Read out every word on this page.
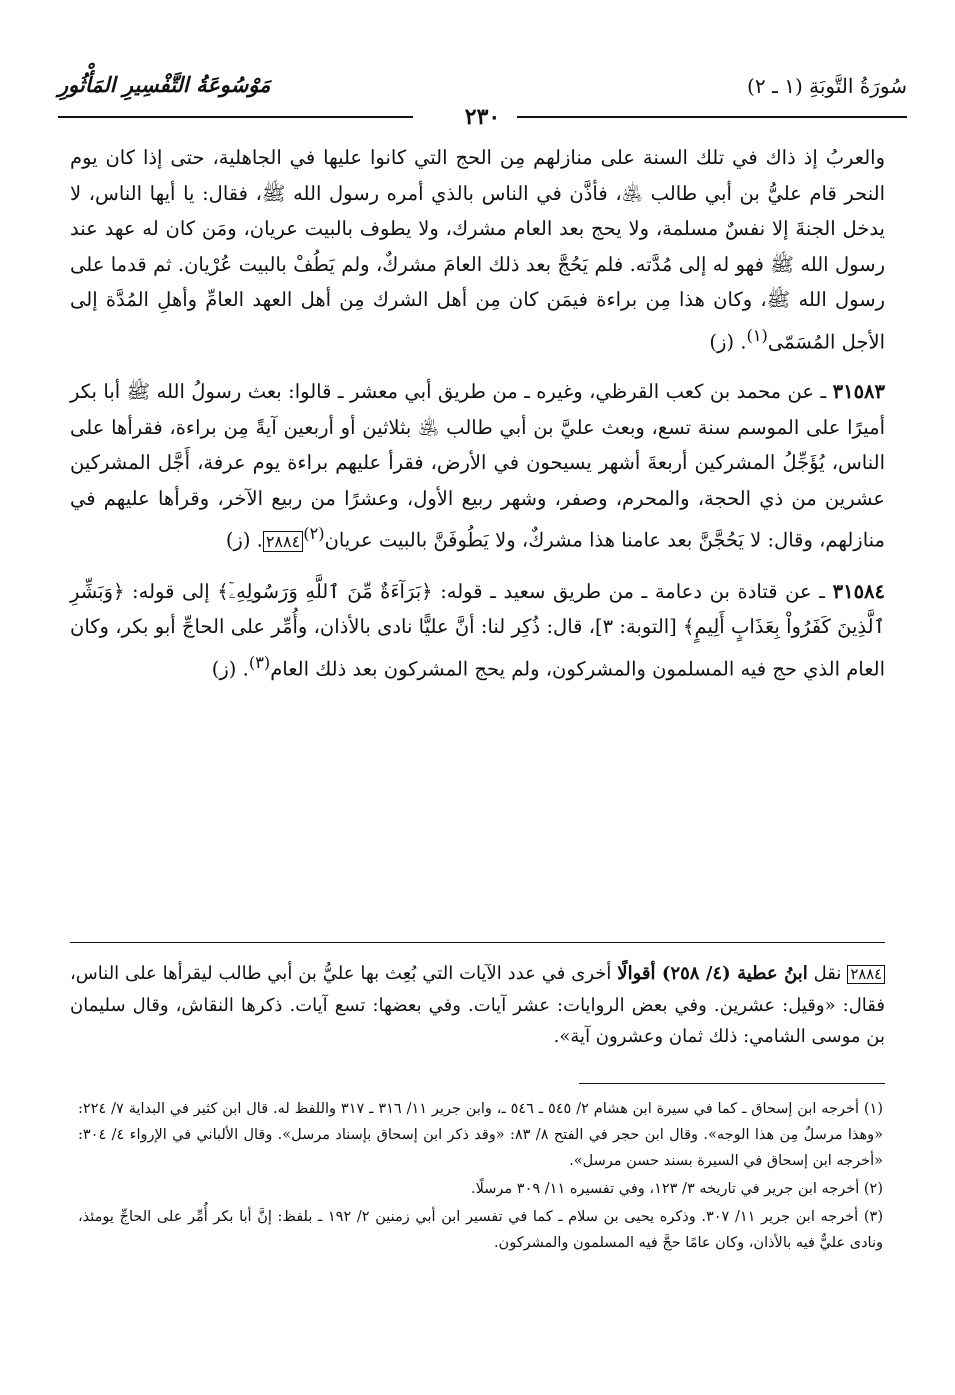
سُورَةُ التَّوبَةِ (١ ـ ٢)
مَوْسُوعَةُ التَّفْسِيرِ المَأْثُورِ
٢٣٠

والعربُ إذ ذاك في تلك السنة على منازلهم مِن الحج التي كانوا عليها في الجاهلية، حتى إذا كان يوم النحر قام عليُّ بن أبي طالب ﵁، فأذَّن في الناس بالذي أمره رسول الله ﷺ، فقال: يا أيها الناس، لا يدخل الجنةَ إلا نفسٌ مسلمة، ولا يحج بعد العام مشرك، ولا يطوف بالبيت عريان، ومَن كان له عهد عند رسول الله ﷺ فهو له إلى مُدَّته. فلم يَحُجَّ بعد ذلك العامَ مشركٌ، ولم يَطُفْ بالبيت عُرْيان. ثم قدما على رسول الله ﷺ، وكان هذا مِن براءة فيمَن كان مِن أهل الشرك مِن أهل العهد العامِّ وأهلِ المُدَّة إلى الأجل المُسَمّى$^{(١)}$. (ز)

٣١٥٨٣ ـ عن محمد بن كعب القرظي، وغيره ـ من طريق أبي معشر ـ قالوا: بعث رسولُ الله ﷺ أبا بكر أميرًا على الموسم سنة تسع، وبعث عليَّ بن أبي طالب ﵁ بثلاثين أو أربعين آيةً مِن براءة، فقرأها على الناس، يُؤَجِّلُ المشركين أربعةَ أشهر يسيحون في الأرض، فقرأ عليهم براءة يوم عرفة، أَجَّل المشركين عشرين من ذي الحجة، والمحرم، وصفر، وشهر ربيع الأول، وعشرًا من ربيع الآخر، وقرأها عليهم في منازلهم، وقال: لا يَحُجَّنَّ بعد عامنا هذا مشركٌ، ولا يَطُوفَنَّ بالبيت عريان$^{(٢)}$٢٨٨٤. (ز)

٣١٥٨٤ ـ عن قتادة بن دعامة ـ من طريق سعيد ـ قوله: ﴿بَرَآءَةٌ مِّنَ ٱللَّهِ وَرَسُولِهِۦٓ﴾ إلى قوله: ﴿وَبَشِّرِ ٱلَّذِينَ كَفَرُواْ بِعَذَابٍ أَلِيمٍ﴾ [التوبة: ٣]، قال: ذُكِر لنا: أنَّ عليًّا نادى بالأذان، وأُمِّر على الحاجِّ أبو بكر، وكان العام الذي حج فيه المسلمون والمشركون، ولم يحج المشركون بعد ذلك العام$^{(٣)}$. (ز)

٢٨٨٤ نقل ابنُ عطية (٤/ ٢٥٨) أقوالًا أخرى في عدد الآيات التي بُعِث بها عليُّ بن أبي طالب ليقرأها على الناس، فقال: «وقيل: عشرين. وفي بعض الروايات: عشر آيات. وفي بعضها: تسع آيات. ذكرها النقاش، وقال سليمان بن موسى الشامي: ذلك ثمان وعشرون آية».

(١) أخرجه ابن إسحاق ـ كما في سيرة ابن هشام ٢/ ٥٤٥ ـ ٥٤٦ ـ، وابن جرير ١١/ ٣١٦ ـ ٣١٧ واللفظ له. قال ابن كثير في البداية ٧/ ٢٢٤: «وهذا مرسلٌ مِن هذا الوجه». وقال ابن حجر في الفتح ٨/ ٨٣: «وقد ذكر ابن إسحاق بإسناد مرسل». وقال الألباني في الإرواء ٤/ ٣٠٤: «أخرجه ابن إسحاق في السيرة بسند حسن مرسل».

(٢) أخرجه ابن جرير في تاريخه ٣/ ١٢٣، وفي تفسيره ١١/ ٣٠٩ مرسلًا.

(٣) أخرجه ابن جرير ١١/ ٣٠٧. وذكره يحيى بن سلام ـ كما في تفسير ابن أبي زمنين ٢/ ١٩٢ ـ بلفظ: إنَّ أبا بكر أُمِّر على الحاجِّ يومئذ، ونادى عليٌّ فيه بالأذان، وكان عامًا حجَّ فيه المسلمون والمشركون.
